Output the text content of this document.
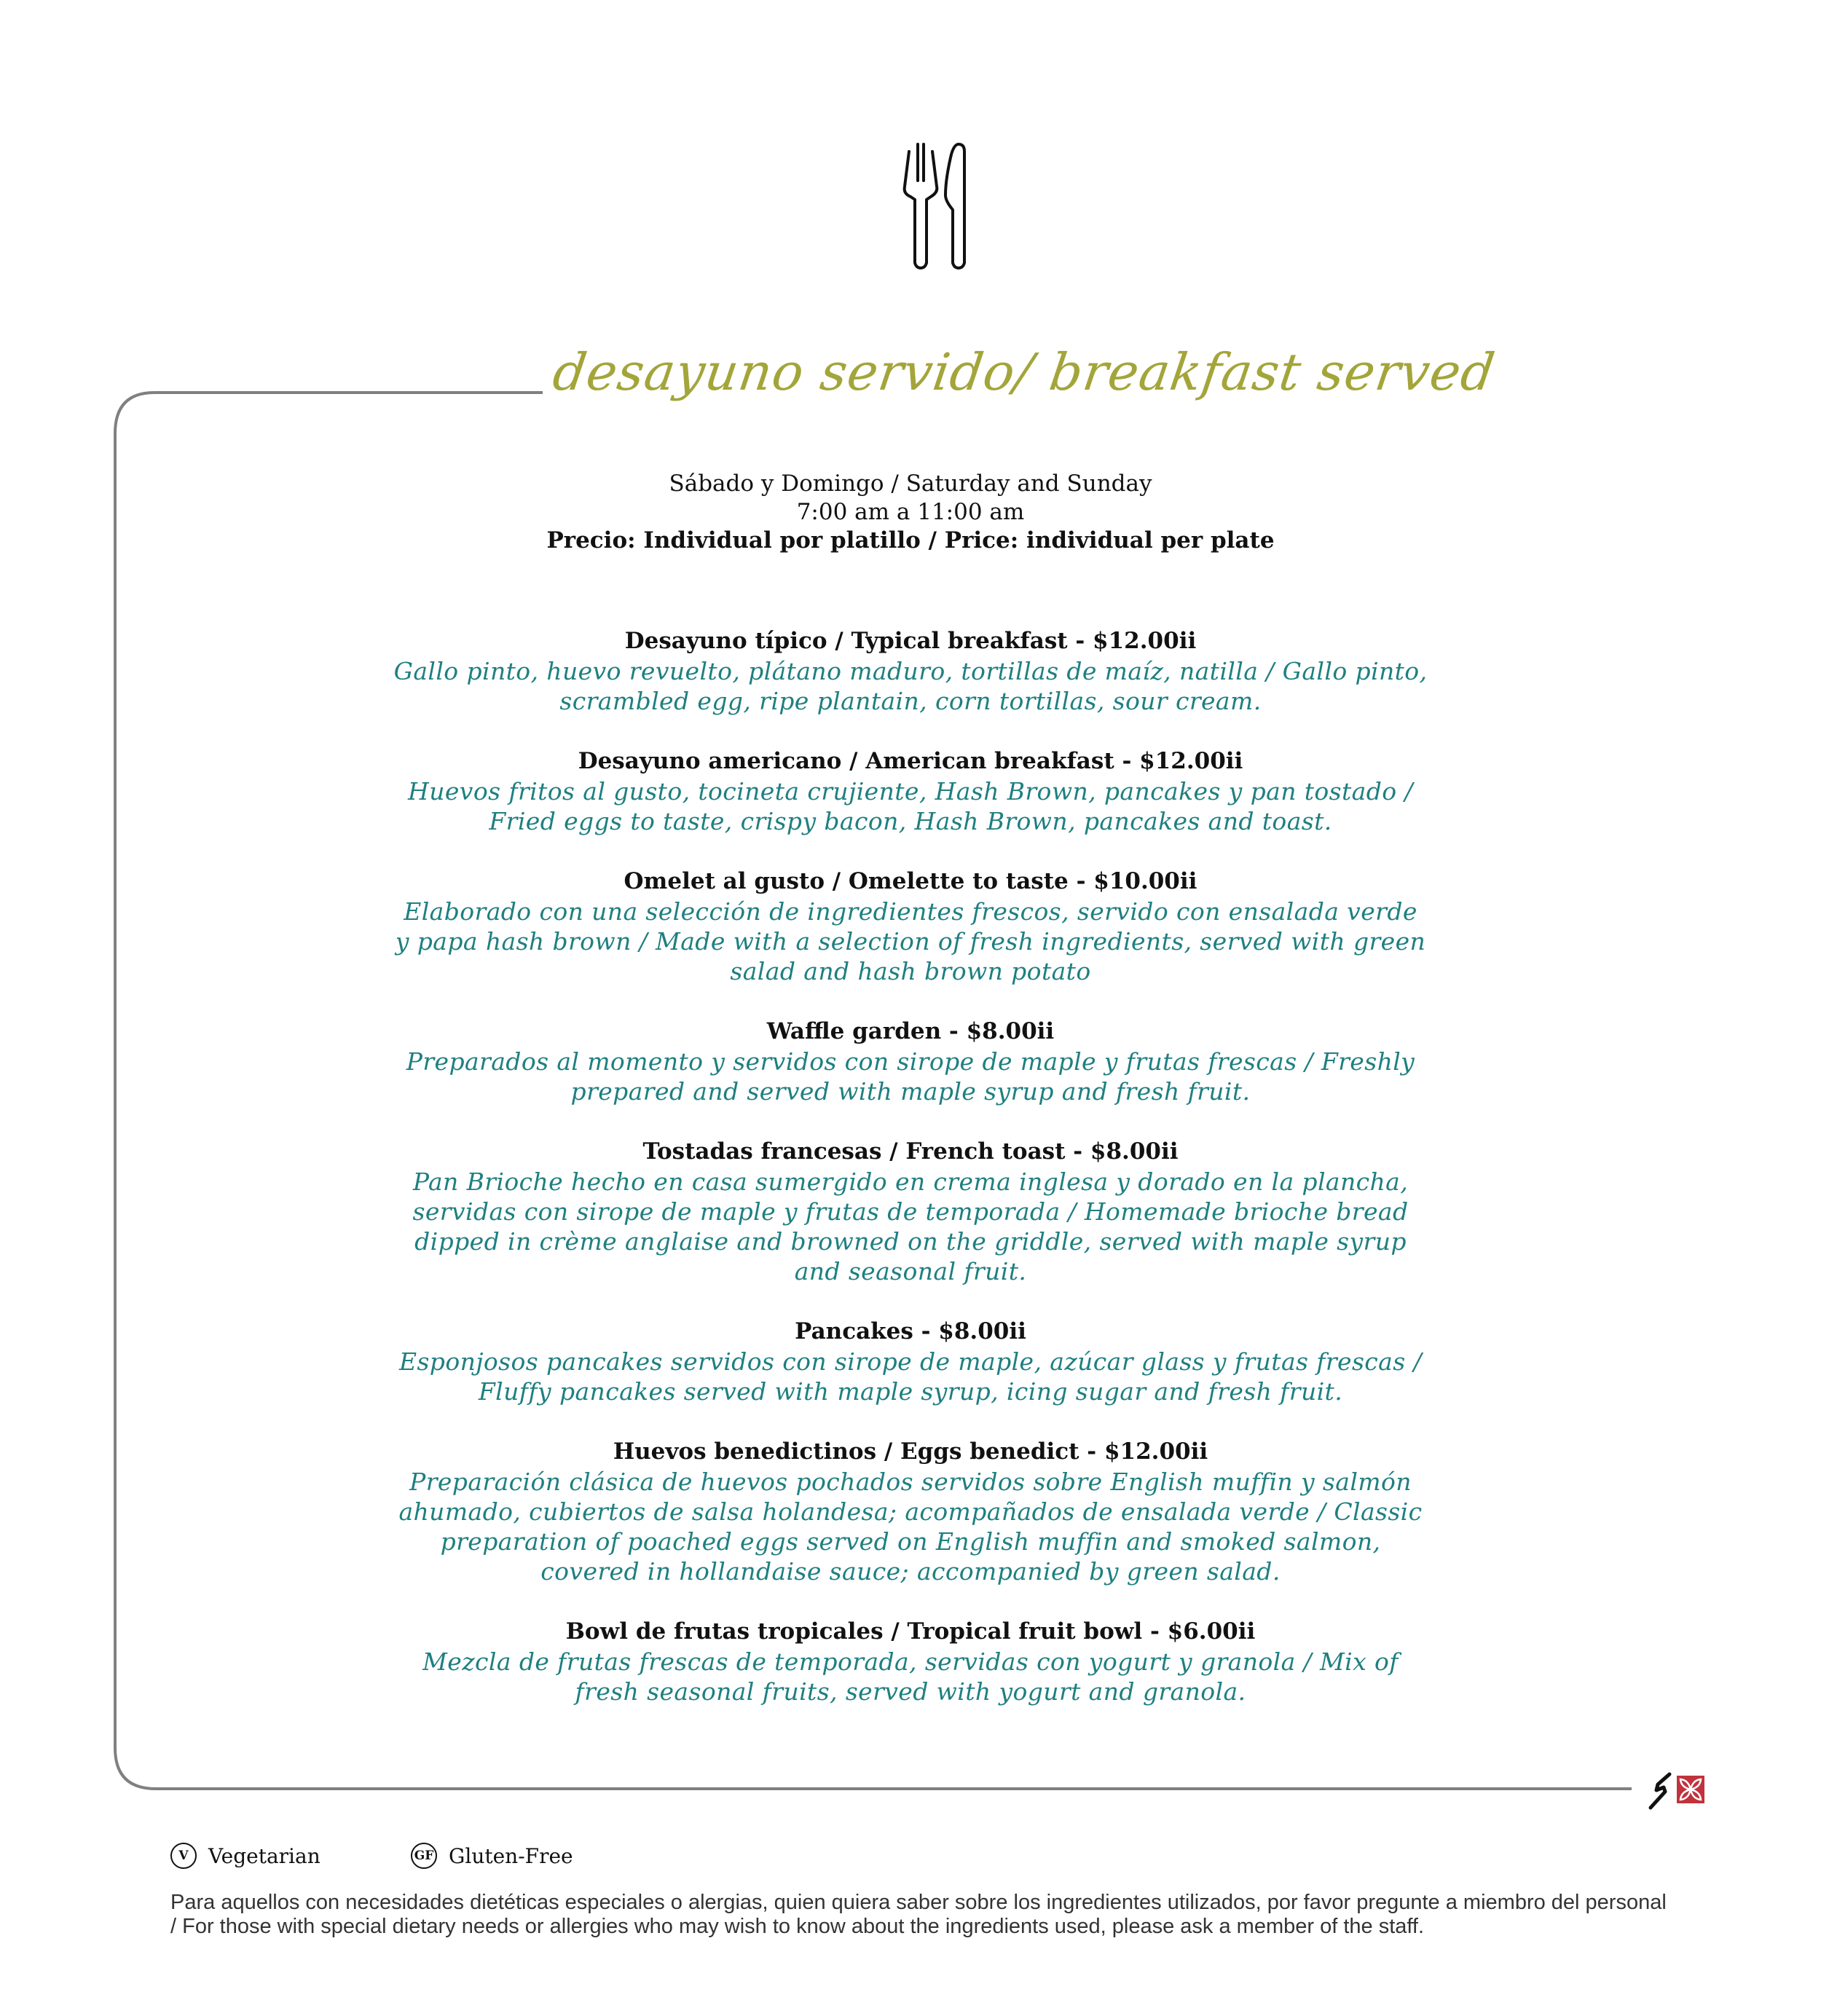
desayuno servido/ breakfast served
Sábado y Domingo / Saturday and Sunday
7:00 am a 11:00 am
Precio: Individual por platillo / Price: individual per plate
Desayuno típico / Typical breakfast - $12.00ii
Gallo pinto, huevo revuelto, plátano maduro, tortillas de maíz, natilla / Gallo pinto, scrambled egg, ripe plantain, corn tortillas, sour cream.
Desayuno americano / American breakfast - $12.00ii
Huevos fritos al gusto, tocineta crujiente, Hash Brown, pancakes y pan tostado / Fried eggs to taste, crispy bacon, Hash Brown, pancakes and toast.
Omelet al gusto / Omelette to taste - $10.00ii
Elaborado con una selección de ingredientes frescos, servido con ensalada verde y papa hash brown / Made with a selection of fresh ingredients, served with green salad and hash brown potato
Waffle garden - $8.00ii
Preparados al momento y servidos con sirope de maple y frutas frescas / Freshly prepared and served with maple syrup and fresh fruit.
Tostadas francesas / French toast - $8.00ii
Pan Brioche hecho en casa sumergido en crema inglesa y dorado en la plancha, servidas con sirope de maple y frutas de temporada / Homemade brioche bread dipped in crème anglaise and browned on the griddle, served with maple syrup and seasonal fruit.
Pancakes - $8.00ii
Esponjosos pancakes servidos con sirope de maple, azúcar glass y frutas frescas / Fluffy pancakes served with maple syrup, icing sugar and fresh fruit.
Huevos benedictinos / Eggs benedict - $12.00ii
Preparación clásica de huevos pochados servidos sobre English muffin y salmón ahumado, cubiertos de salsa holandesa; acompañados de ensalada verde / Classic preparation of poached eggs served on English muffin and smoked salmon, covered in hollandaise sauce; accompanied by green salad.
Bowl de frutas tropicales / Tropical fruit bowl - $6.00ii
Mezcla de frutas frescas de temporada, servidas con yogurt y granola / Mix of fresh seasonal fruits, served with yogurt and granola.
V Vegetarian	GF Gluten-Free
Para aquellos con necesidades dietéticas especiales o alergias, quien quiera saber sobre los ingredientes utilizados, por favor pregunte a miembro del personal / For those with special dietary needs or allergies who may wish to know about the ingredients used, please ask a member of the staff.
